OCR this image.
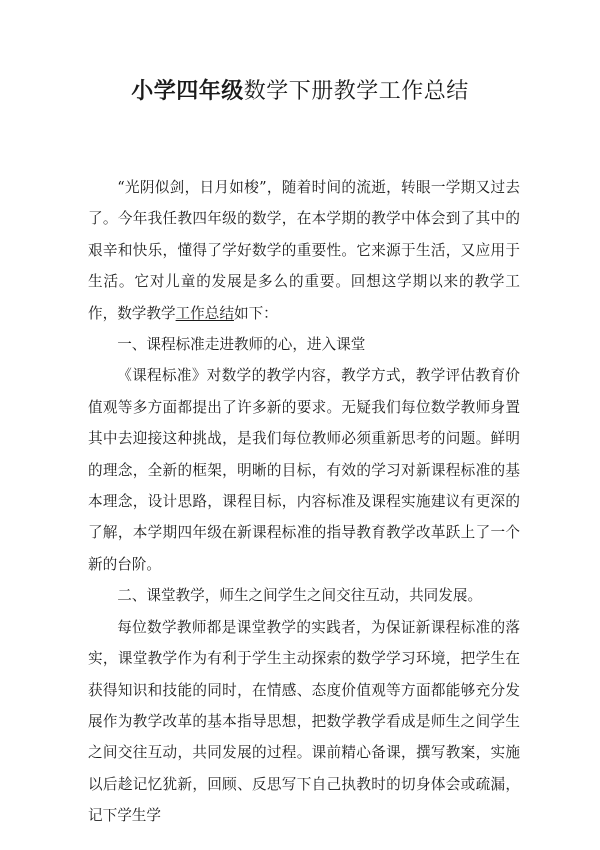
小学四年级数学下册教学工作总结

“光阴似剑，日月如梭”，随着时间的流逝，转眼一学期又过去了。今年我任教四年级的数学，在本学期的教学中体会到了其中的艰辛和快乐，懂得了学好数学的重要性。它来源于生活，又应用于生活。它对儿童的发展是多么的重要。回想这学期以来的教学工作，数学教学工作总结如下：

一、课程标准走进教师的心，进入课堂

《课程标准》对数学的教学内容，教学方式，教学评估教育价值观等多方面都提出了许多新的要求。无疑我们每位数学教师身置其中去迎接这种挑战，是我们每位教师必须重新思考的问题。鲜明的理念，全新的框架，明晰的目标，有效的学习对新课程标准的基本理念，设计思路，课程目标，内容标准及课程实施建议有更深的了解，本学期四年级在新课程标准的指导教育教学改革跃上了一个新的台阶。

二、课堂教学，师生之间学生之间交往互动，共同发展。

每位数学教师都是课堂教学的实践者，为保证新课程标准的落实，课堂教学作为有利于学生主动探索的数学学习环境，把学生在获得知识和技能的同时，在情感、态度价值观等方面都能够充分发展作为教学改革的基本指导思想，把数学教学看成是师生之间学生之间交往互动，共同发展的过程。课前精心备课，撰写教案，实施以后趁记忆犹新，回顾、反思写下自己执教时的切身体会或疏漏，记下学生学
